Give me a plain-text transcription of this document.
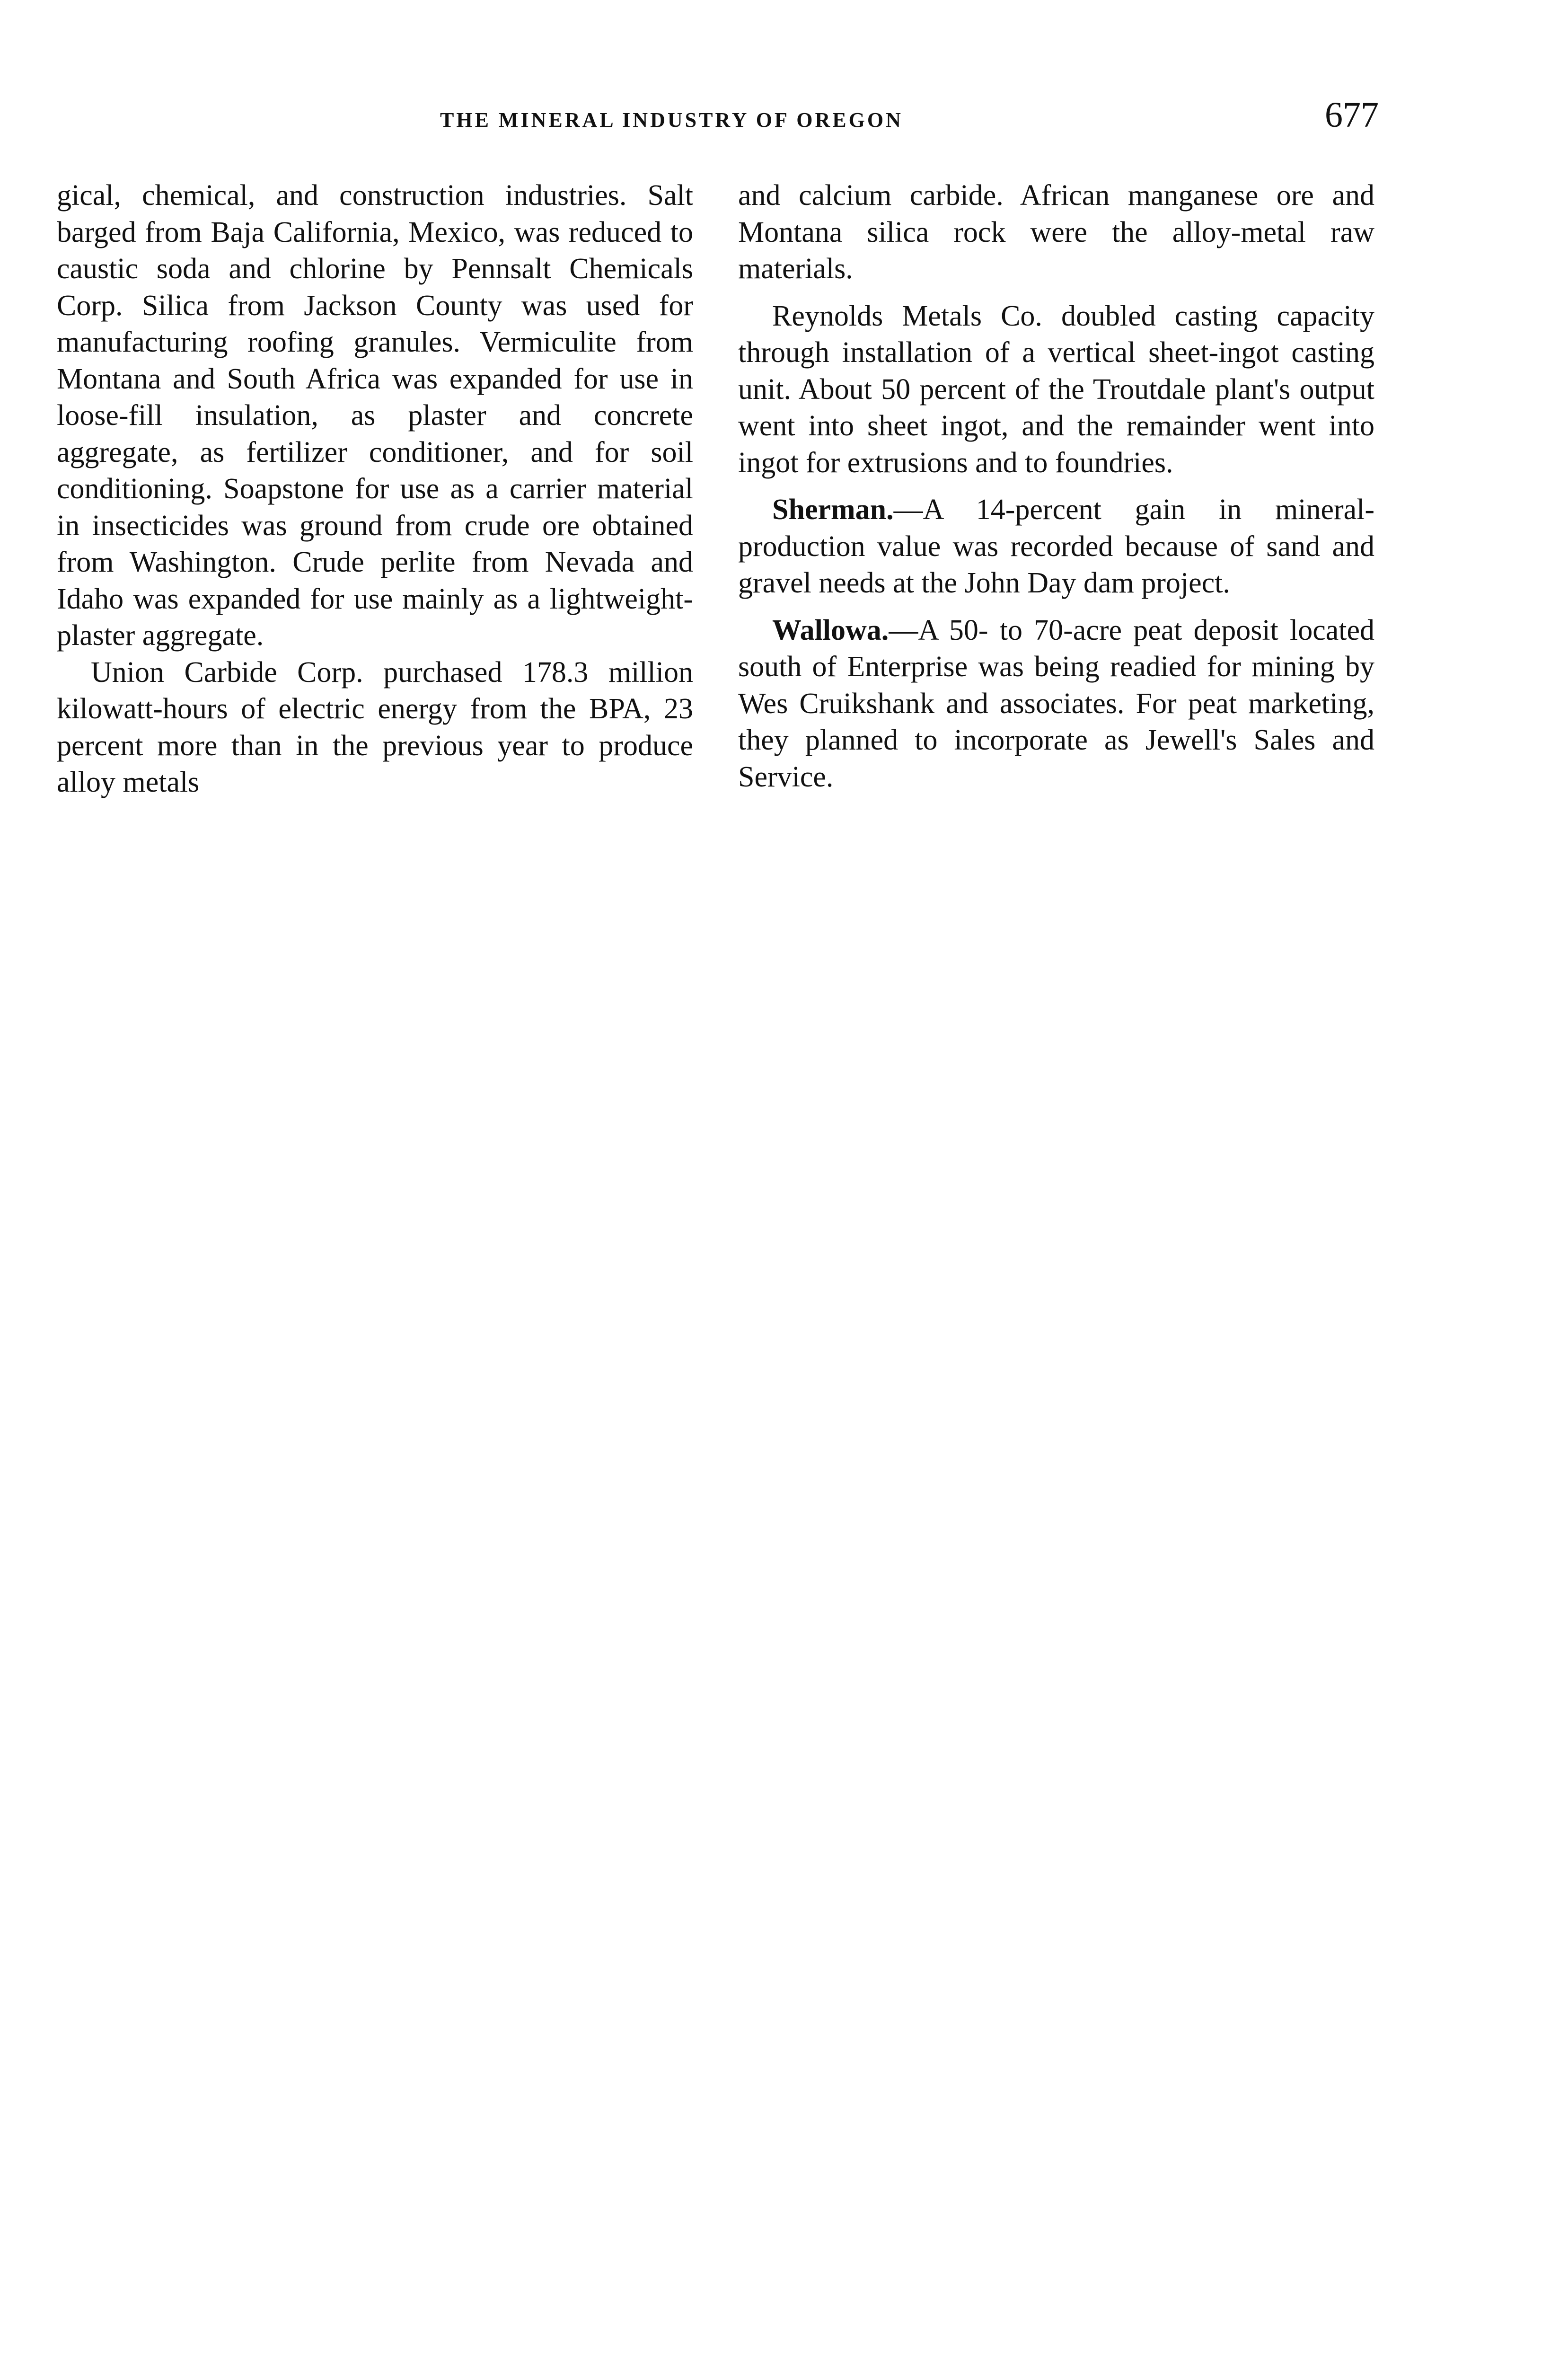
THE MINERAL INDUSTRY OF OREGON	677

gical, chemical, and construction industries. Salt barged from Baja California, Mexico, was reduced to caustic soda and chlorine by Pennsalt Chemicals Corp. Silica from Jackson County was used for manufacturing roofing granules. Vermiculite from Montana and South Africa was expanded for use in loose-fill insulation, as plaster and concrete aggregate, as fertilizer conditioner, and for soil conditioning. Soapstone for use as a carrier material in insecticides was ground from crude ore obtained from Washington. Crude perlite from Nevada and Idaho was expanded for use mainly as a lightweight-plaster aggregate.

Union Carbide Corp. purchased 178.3 million kilowatt-hours of electric energy from the BPA, 23 percent more than in the previous year to produce alloy metals

and calcium carbide. African manganese ore and Montana silica rock were the alloy-metal raw materials.

Reynolds Metals Co. doubled casting capacity through installation of a vertical sheet-ingot casting unit. About 50 percent of the Troutdale plant's output went into sheet ingot, and the remainder went into ingot for extrusions and to foundries.

Sherman.—A 14-percent gain in mineral-production value was recorded because of sand and gravel needs at the John Day dam project.

Wallowa.—A 50- to 70-acre peat deposit located south of Enterprise was being readied for mining by Wes Cruikshank and associates. For peat marketing, they planned to incorporate as Jewell's Sales and Service.
